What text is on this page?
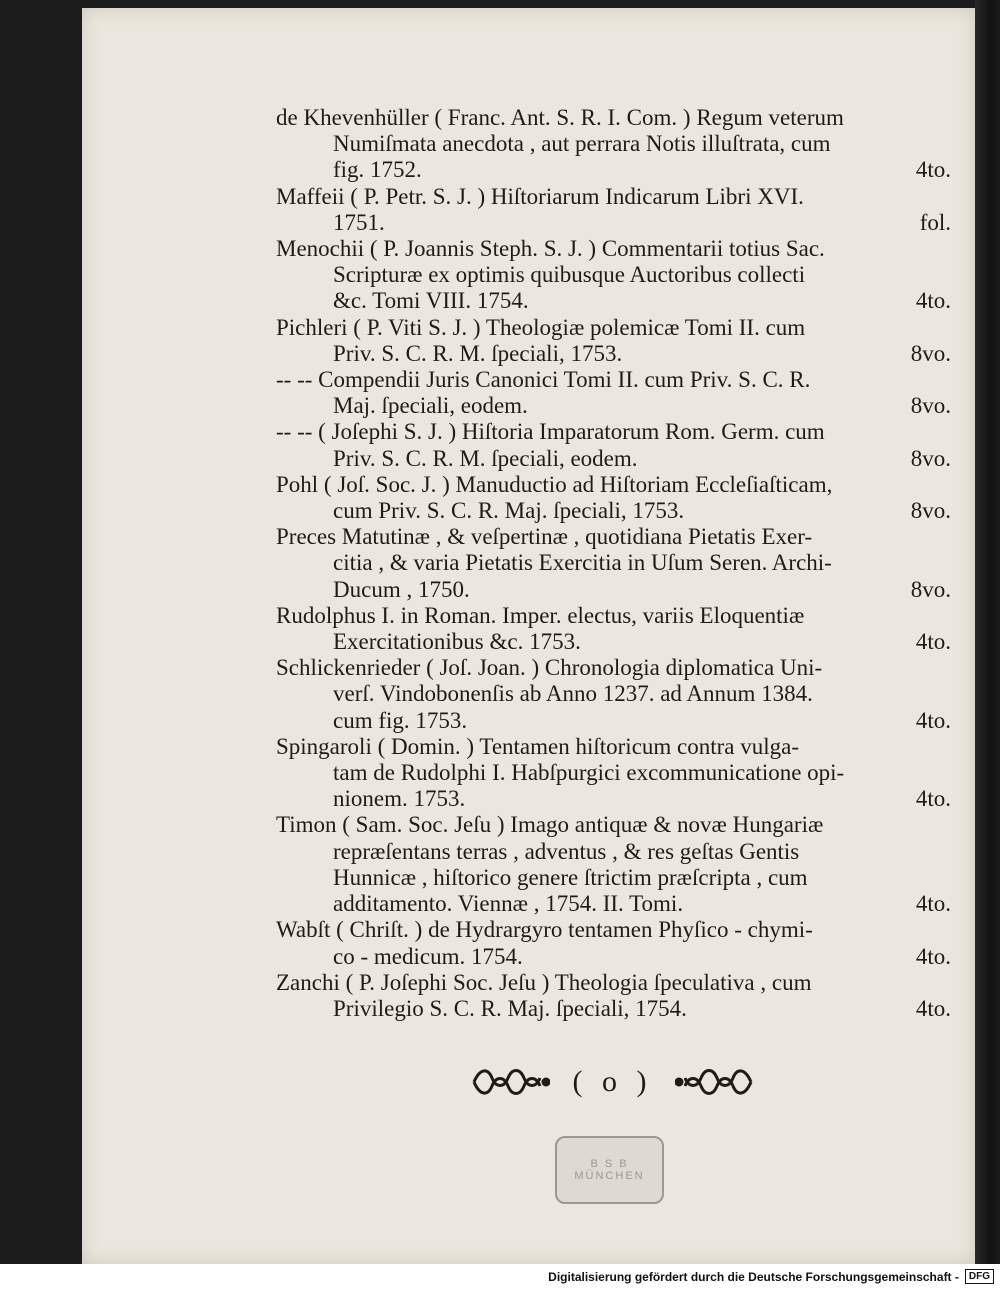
de Khevenhüller ( Franc. Ant. S. R. I. Com. ) Regum veterum
Numiſmata anecdota , aut perrara Notis illuſtrata, cum
fig. 1752.	4to.
Maffeii ( P. Petr. S. J. ) Hiſtoriarum Indicarum Libri XVI.
1751.	fol.
Menochii ( P. Joannis Steph. S. J. ) Commentarii totius Sac.
Scripturæ ex optimis quibusque Auctoribus collecti
&c. Tomi VIII. 1754.	4to.
Pichleri ( P. Viti S. J. ) Theologiæ polemicæ Tomi II. cum
Priv. S. C. R. M. ſpeciali, 1753.	8vo.
-- -- Compendii Juris Canonici Tomi II. cum Priv. S. C. R.
Maj. ſpeciali, eodem.	8vo.
-- -- ( Joſephi S. J. ) Hiſtoria Imparatorum Rom. Germ. cum
Priv. S. C. R. M. ſpeciali, eodem.	8vo.
Pohl ( Joſ. Soc. J. ) Manuductio ad Hiſtoriam Eccleſiaſticam,
cum Priv. S. C. R. Maj. ſpeciali, 1753.	8vo.
Preces Matutinæ , & veſpertinæ , quotidiana Pietatis Exer-
citia , & varia Pietatis Exercitia in Uſum Seren. Archi-
Ducum , 1750.	8vo.
Rudolphus I. in Roman. Imper. electus, variis Eloquentiæ
Exercitationibus &c. 1753.	4to.
Schlickenrieder ( Joſ. Joan. ) Chronologia diplomatica Uni-
verſ. Vindobonenſis ab Anno 1237. ad Annum 1384.
cum fig. 1753.	4to.
Spingaroli ( Domin. ) Tentamen hiſtoricum contra vulga-
tam de Rudolphi I. Habſpurgici excommunicatione opi-
nionem. 1753.	4to.
Timon ( Sam. Soc. Jeſu ) Imago antiquæ & novæ Hungariæ
repræſentans terras , adventus , & res geſtas Gentis
Hunnicæ , hiſtorico genere ſtrictim præſcripta , cum
additamento. Viennæ , 1754. II. Tomi.	4to.
Wabſt ( Chriſt. ) de Hydrargyro tentamen Phyſico - chymi-
co - medicum. 1754.	4to.
Zanchi ( P. Joſephi Soc. Jeſu ) Theologia ſpeculativa , cum
Privilegio S. C. R. Maj. ſpeciali, 1754.	4to.
( o )
B S B
MÜNCHEN
Digitalisierung gefördert durch die Deutsche Forschungsgemeinschaft -	DFG
